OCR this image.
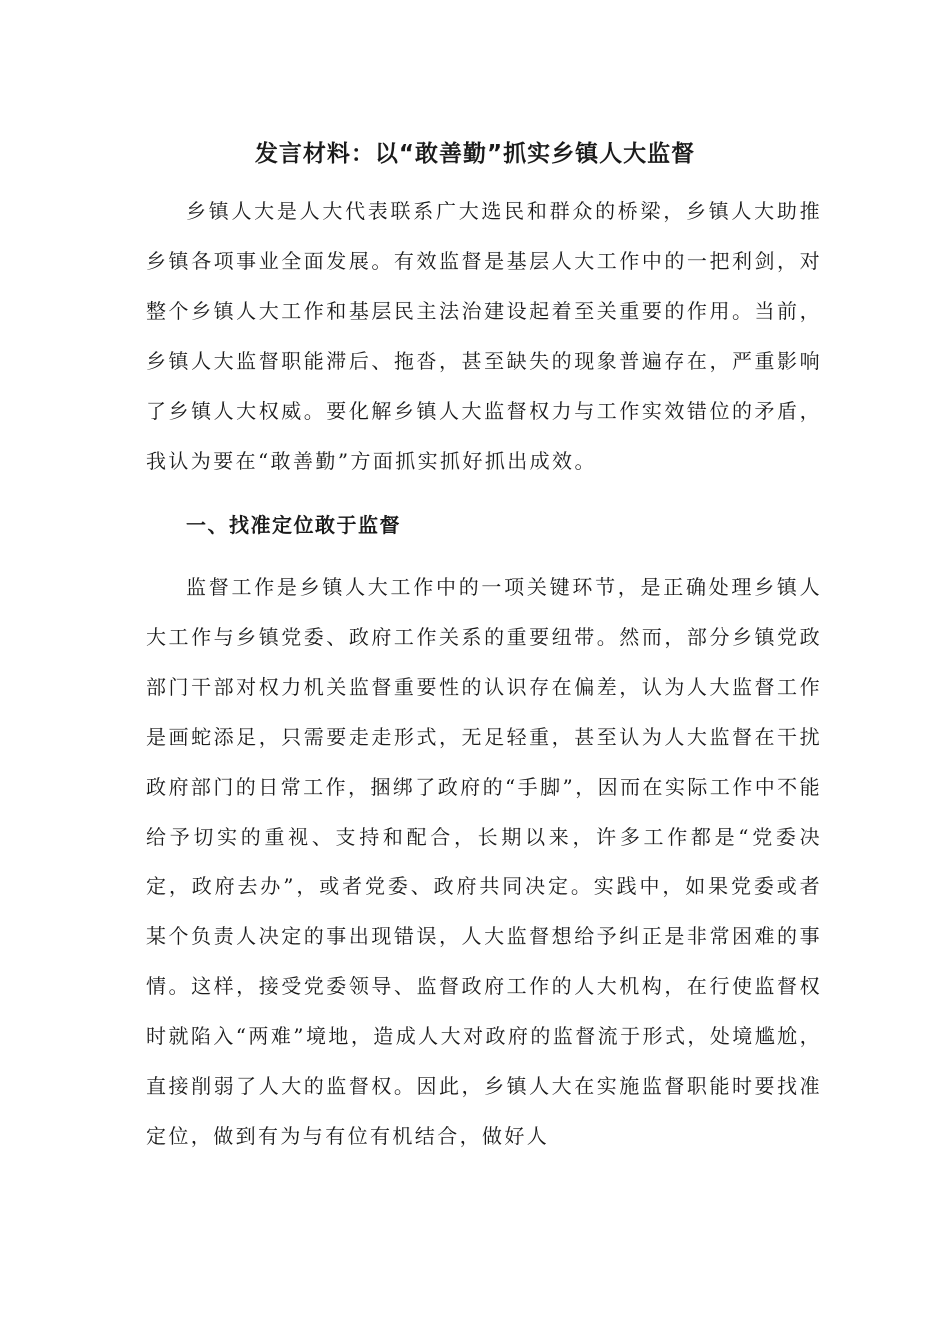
发言材料：以“敢善勤”抓实乡镇人大监督

乡镇人大是人大代表联系广大选民和群众的桥梁，乡镇人大助推乡镇各项事业全面发展。有效监督是基层人大工作中的一把利剑，对整个乡镇人大工作和基层民主法治建设起着至关重要的作用。当前，乡镇人大监督职能滞后、拖沓，甚至缺失的现象普遍存在，严重影响了乡镇人大权威。要化解乡镇人大监督权力与工作实效错位的矛盾，我认为要在“敢善勤”方面抓实抓好抓出成效。

一、找准定位敢于监督

监督工作是乡镇人大工作中的一项关键环节，是正确处理乡镇人大工作与乡镇党委、政府工作关系的重要纽带。然而，部分乡镇党政部门干部对权力机关监督重要性的认识存在偏差，认为人大监督工作是画蛇添足，只需要走走形式，无足轻重，甚至认为人大监督在干扰政府部门的日常工作，捆绑了政府的“手脚”，因而在实际工作中不能给予切实的重视、支持和配合，长期以来，许多工作都是“党委决定，政府去办”，或者党委、政府共同决定。实践中，如果党委或者某个负责人决定的事出现错误，人大监督想给予纠正是非常困难的事情。这样，接受党委领导、监督政府工作的人大机构，在行使监督权时就陷入“两难”境地，造成人大对政府的监督流于形式，处境尴尬，直接削弱了人大的监督权。因此，乡镇人大在实施监督职能时要找准定位，做到有为与有位有机结合，做好人
